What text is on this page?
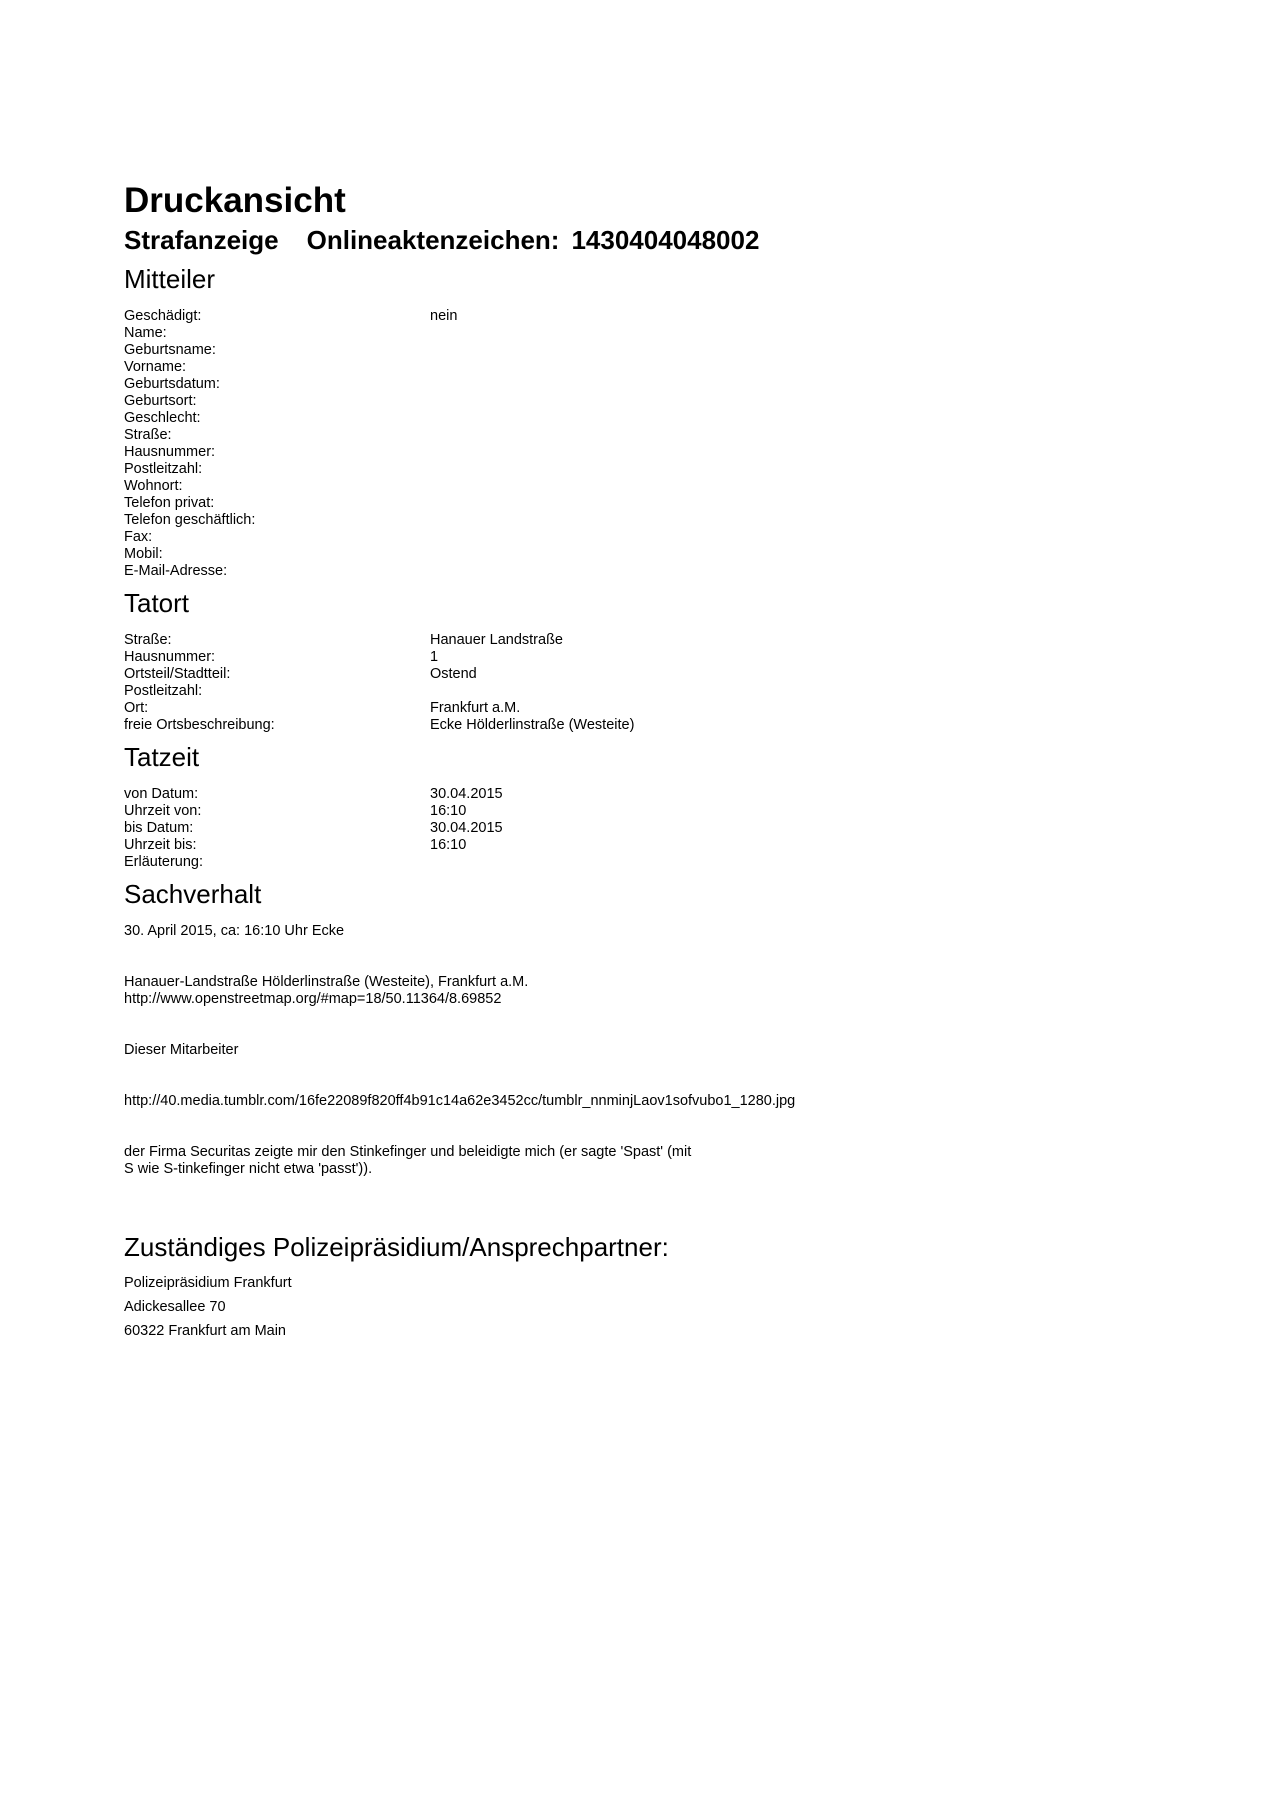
Druckansicht
Strafanzeige Onlineaktenzeichen: 1430404048002
Mitteiler
Geschädigt:	nein
Name:
Geburtsname:
Vorname:
Geburtsdatum:
Geburtsort:
Geschlecht:
Straße:
Hausnummer:
Postleitzahl:
Wohnort:
Telefon privat:
Telefon geschäftlich:
Fax:
Mobil:
E-Mail-Adresse:
Tatort
Straße:	Hanauer Landstraße
Hausnummer:	1
Ortsteil/Stadtteil:	Ostend
Postleitzahl:
Ort:	Frankfurt a.M.
freie Ortsbeschreibung:	Ecke Hölderlinstraße (Westeite)
Tatzeit
von Datum:	30.04.2015
Uhrzeit von:	16:10
bis Datum:	30.04.2015
Uhrzeit bis:	16:10
Erläuterung:
Sachverhalt

30. April 2015, ca: 16:10 Uhr Ecke

Hanauer-Landstraße Hölderlinstraße (Westeite), Frankfurt a.M.
http://www.openstreetmap.org/#map=18/50.11364/8.69852

Dieser Mitarbeiter

http://40.media.tumblr.com/16fe22089f820ff4b91c14a62e3452cc/tumblr_nnminjLaov1sofvubo1_1280.jpg

der Firma Securitas zeigte mir den Stinkefinger und beleidigte mich (er sagte 'Spast' (mit
S wie S-tinkefinger nicht etwa 'passt')).

Zuständiges Polizeipräsidium/Ansprechpartner:

Polizeipräsidium Frankfurt

Adickesallee 70

60322 Frankfurt am Main
